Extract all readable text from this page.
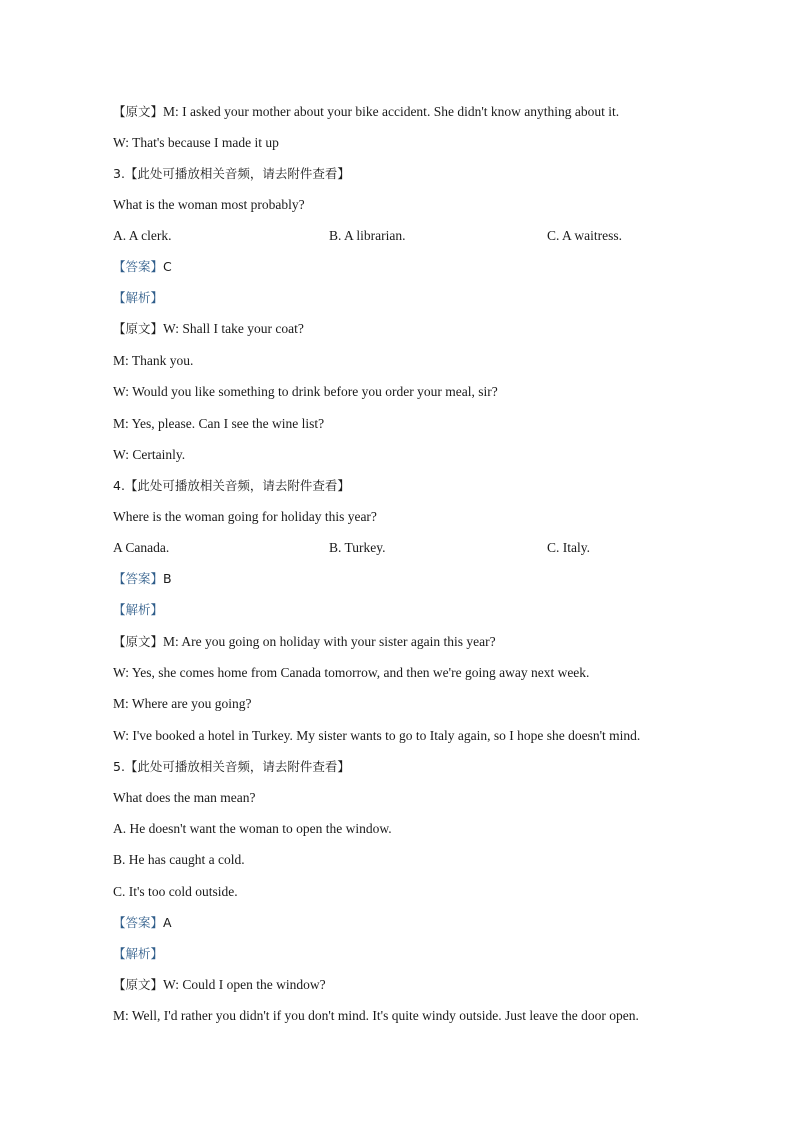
【原文】M: I asked your mother about your bike accident. She didn't know anything about it.
W: That's because I made it up
3.【此处可播放相关音频，请去附件查看】
What is the woman most probably?
A. A clerk.	B. A librarian.	C. A waitress.
【答案】C
【解析】
【原文】W: Shall I take your coat?
M: Thank you.
W: Would you like something to drink before you order your meal, sir?
M: Yes, please. Can I see the wine list?
W: Certainly.
4.【此处可播放相关音频，请去附件查看】
Where is the woman going for holiday this year?
A Canada.	B. Turkey.	C. Italy.
【答案】B
【解析】
【原文】M: Are you going on holiday with your sister again this year?
W: Yes, she comes home from Canada tomorrow, and then we're going away next week.
M: Where are you going?
W: I've booked a hotel in Turkey. My sister wants to go to Italy again, so I hope she doesn't mind.
5.【此处可播放相关音频，请去附件查看】
What does the man mean?
A. He doesn't want the woman to open the window.
B. He has caught a cold.
C. It's too cold outside.
【答案】A
【解析】
【原文】W: Could I open the window?
M: Well, I'd rather you didn't if you don't mind. It's quite windy outside. Just leave the door open.
